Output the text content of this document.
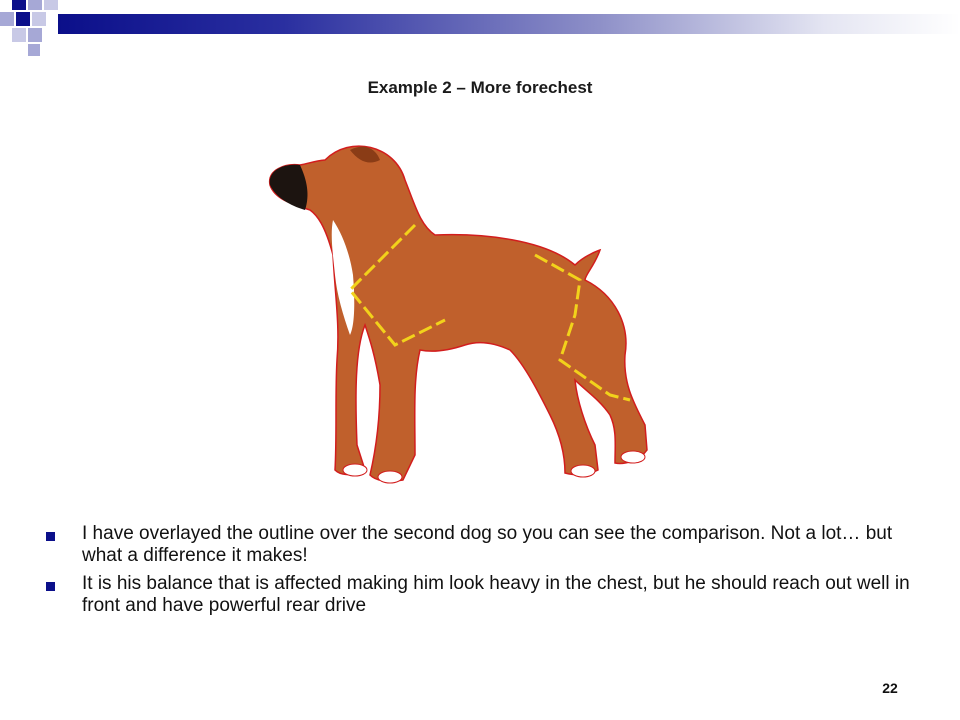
Example 2 – More forechest
I have overlayed the outline over the second dog so you can see the comparison. Not a lot… but what a difference it makes!
It is his balance that is affected making him look heavy in the chest, but he should reach out well in front and have powerful rear drive
22
